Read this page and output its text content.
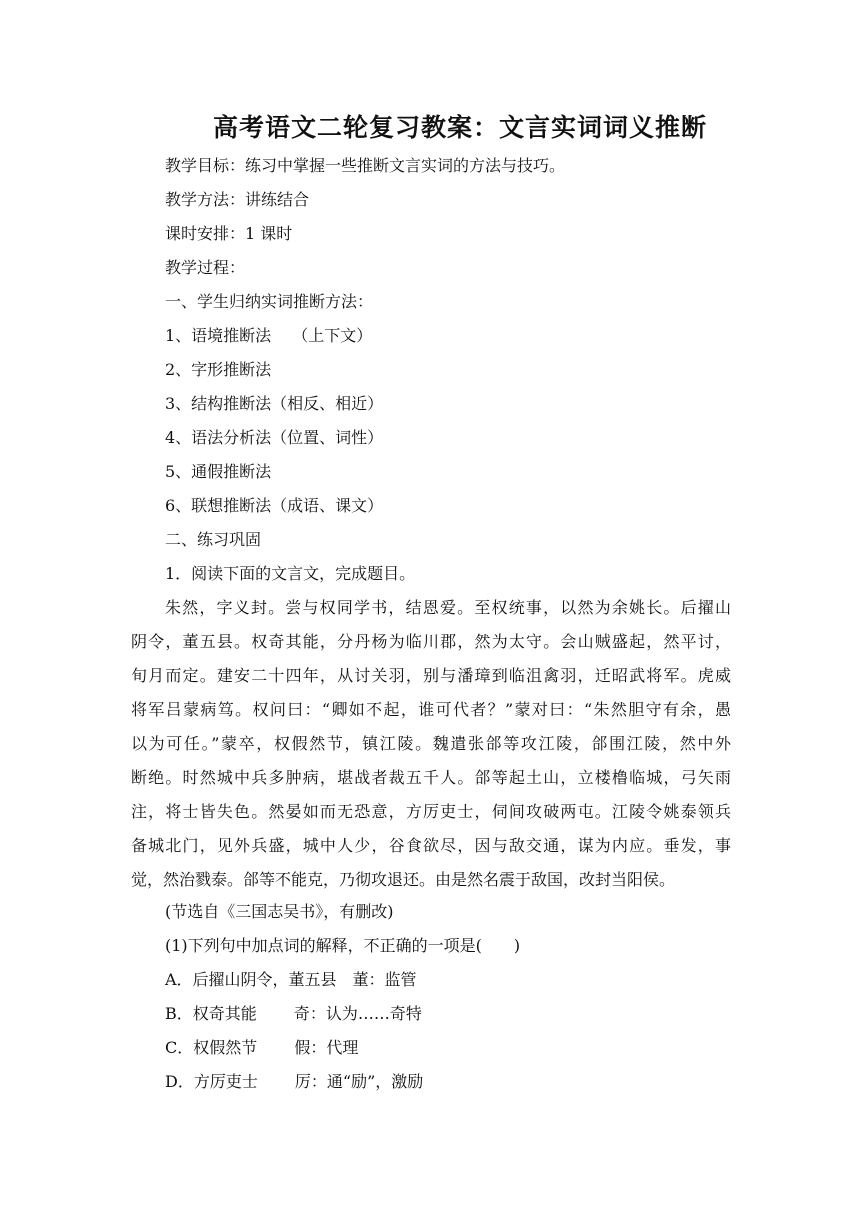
高考语文二轮复习教案：文言实词词义推断
教学目标：练习中掌握一些推断文言实词的方法与技巧。
教学方法：讲练结合
课时安排：1 课时
教学过程：
一、学生归纳实词推断方法：
1、语境推断法　 （上下文）
2、字形推断法
3、结构推断法（相反、相近）
4、语法分析法（位置、词性）
5、通假推断法
6、联想推断法（成语、课文）
二、练习巩固
1．阅读下面的文言文，完成题目。
朱然，字义封。尝与权同学书，结恩爱。至权统事，以然为余姚长。后擢山
阴令，董五县。权奇其能，分丹杨为临川郡，然为太守。会山贼盛起，然平讨，
旬月而定。建安二十四年，从讨关羽，别与潘璋到临沮禽羽，迁昭武将军。虎威
将军吕蒙病笃。权问曰：“卿如不起，谁可代者？”蒙对曰：“朱然胆守有余，愚
以为可任。”蒙卒，权假然节，镇江陵。魏遣张郃等攻江陵，郃围江陵，然中外
断绝。时然城中兵多肿病，堪战者裁五千人。郃等起土山，立楼橹临城，弓矢雨
注，将士皆失色。然晏如而无恐意，方厉吏士，伺间攻破两屯。江陵令姚泰领兵
备城北门，见外兵盛，城中人少，谷食欲尽，因与敌交通，谋为内应。垂发，事
觉，然治戮泰。郃等不能克，乃彻攻退还。由是然名震于敌国，改封当阳侯。
(节选自《三国志吴书》，有删改)
(1)下列句中加点词的解释，不正确的一项是(　　)
A．后擢山阴令，董五县　董：监管
B．权奇其能　　 奇：认为……奇特
C．权假然节　　 假：代理
D．方厉吏士　　 厉：通“励”，激励
